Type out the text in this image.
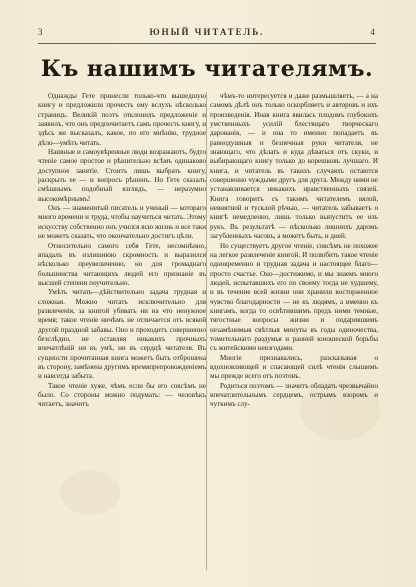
3	ЮНЫЙ ЧИТАТЕЛЬ.	4
Къ нашимъ читателямъ.

Однажды Гете принесли только-что вышедшую книгу и предложили прочесть ему вслухъ нѣсколько страницъ. Великій поэтъ отклонилъ предложеніе и заявилъ, что онъ предпочитаетъ самъ прочесть книгу, и здѣсь же высказалъ, какое, по его мнѣнію, трудное дѣло—умѣть читать.

Наивные и самоувѣренные люди возражаютъ, будто чтеніе самое простое и рѣшительно всѣмъ одинаково доступное занятіе. Стоитъ лишь выбрать книгу, раскрыть ее — и вопросъ рѣшенъ. Но Гете сказалъ смѣшнымъ подобный взглядъ, — неразумно высокомѣрнымъ!

Онъ — знаменитый писатель и ученый — котораго много времени и труда, чтобы научиться читать. Этому искусству собственно онъ учился всю жизнь и все таки не можетъ сказать, что окончательно достигъ цѣли.

Относительно самого себя Гете, несомнѣнно, впадалъ въ излишнюю скромность и выразился нѣсколько преувеличенно, но для громаднаго большинства читающихъ людей его признаніе въ высшей степени поучительно.

Умѣть читать—дѣйствительно задача трудная и сложная. Можно читать исключительно для развлеченія, за книгой убивать ни на что ненужное время; такое чтеніе ничѣмъ не отличается отъ всякой другой праздной забавы. Оно и проходитъ совершенно безслѣдно, не оставляя никакихъ прочныхъ впечатлѣній ни въ умѣ, ни въ сердцѣ читателя. Въ сущности прочитанная книга можетъ быть отброшена въ сторону, замѣнена другимъ времяпрепровожденіемъ и навсегда забыта.

Такое чтеніе хуже, чѣмъ если бы его совсѣмъ не было. Со стороны можно подумать: — человѣкъ читаетъ, значитъ

чѣмъ-то интересуется и даже размышляетъ, — а на самомъ дѣлѣ онъ только оскорбляетъ и авторовъ и ихъ произведенія. Иная книга явилась плодомъ глубокихъ умственныхъ усилій блестящаго творческаго дарованія, — и она то именно попадаетъ въ равнодушныя и безпечныя руки читателя, не знающаго, что дѣлать и куда дѣваться отъ скуки, и выбирающаго книгу только до корешковъ лучшаго. И книга, и читатель въ такихъ случаяхъ остаются совершенно чуждыми другъ для друга. Между ними не устанавливается никакихъ нравственныхъ связей. Книга говоритъ съ такимъ читателемъ вялой, невнятной и тусклой рѣчью, — читатель забываетъ о книгѣ немедленно, лишь только выпуститъ ее изъ рукъ. Въ результатѣ — нѣсколько лишнихъ даромъ загубленныхъ часовъ, а можетъ быть, и дней.

Но существуетъ другое чтеніе, совсѣмъ не похожее на легкое развлеченіе книгой. И полюбить такое чтеніе одновременно и трудная задача и настоящее благо—просто счастье. Оно—достижимо, и мы знаемъ много людей, испытавшихъ его по своему тогда не худшему, и въ течение всей жизни они хранили восторженное чувство благодарности — не къ людямъ, а именно къ книгамъ, когда то освѣтившимъ предъ ними темные, тягостные вопросы жизни и подарившимъ незамѣнимыя свѣтлыя минуты въ годы одиночества, томительнаго раздумья и ранней юношеской борьбы съ житейскими невзгодами.

Многіе признавались, разсказывая о вдохновляющей и спасающей силѣ чтенія слышимъ мы прежде всего отъ поэтовъ.

Родиться поэтомъ — значитъ обладать чрезвычайно впечатлительнымъ сердцемъ, острымъ взоромъ и чуткимъ слу-
